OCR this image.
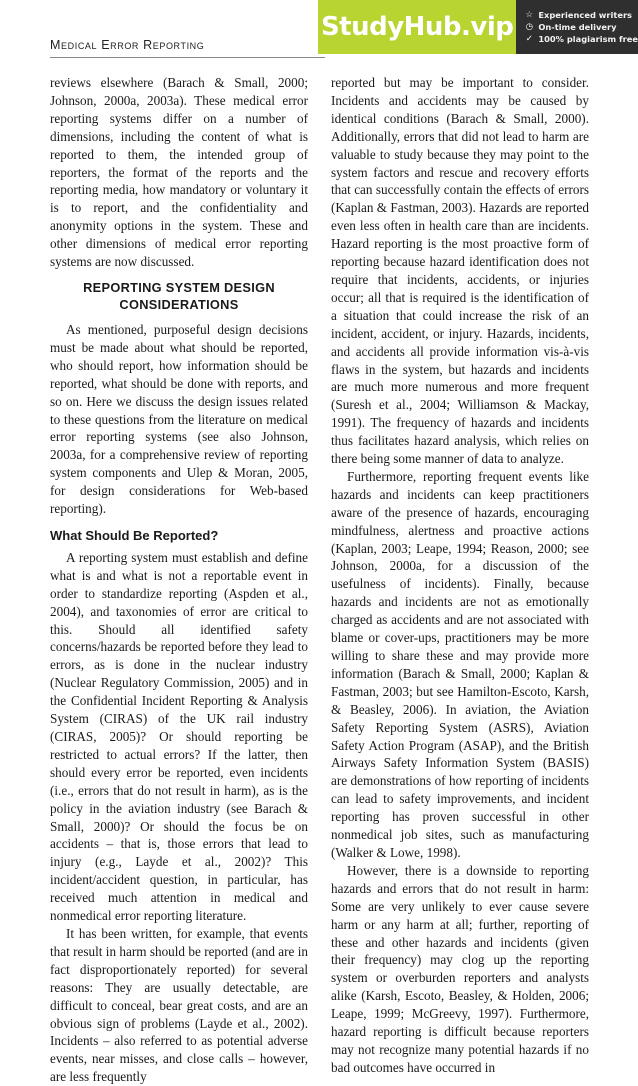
Medical Error Reporting
StudyHub.vip ☆ Experienced writers
◷ On-time delivery
✓ 100% plagiarism free

reviews elsewhere (Barach & Small, 2000; Johnson, 2000a, 2003a). These medical error reporting systems differ on a number of dimensions, including the content of what is reported to them, the intended group of reporters, the format of the reports and the reporting media, how mandatory or voluntary it is to report, and the confidentiality and anonymity options in the system. These and other dimensions of medical error reporting systems are now discussed.

REPORTING SYSTEM DESIGN
CONSIDERATIONS

As mentioned, purposeful design decisions must be made about what should be reported, who should report, how information should be reported, what should be done with reports, and so on. Here we discuss the design issues related to these questions from the literature on medical error reporting systems (see also Johnson, 2003a, for a comprehensive review of reporting system components and Ulep & Moran, 2005, for design considerations for Web-based reporting).

What Should Be Reported?

A reporting system must establish and define what is and what is not a reportable event in order to standardize reporting (Aspden et al., 2004), and taxonomies of error are critical to this. Should all identified safety concerns/hazards be reported before they lead to errors, as is done in the nuclear industry (Nuclear Regulatory Commission, 2005) and in the Confidential Incident Reporting & Analysis System (CIRAS) of the UK rail industry (CIRAS, 2005)? Or should reporting be restricted to actual errors? If the latter, then should every error be reported, even incidents (i.e., errors that do not result in harm), as is the policy in the aviation industry (see Barach & Small, 2000)? Or should the focus be on accidents – that is, those errors that lead to injury (e.g., Layde et al., 2002)? This incident/accident question, in particular, has received much attention in medical and nonmedical error reporting literature.

It has been written, for example, that events that result in harm should be reported (and are in fact disproportionately reported) for several reasons: They are usually detectable, are difficult to conceal, bear great costs, and are an obvious sign of problems (Layde et al., 2002). Incidents – also referred to as potential adverse events, near misses, and close calls – however, are less frequently

reported but may be important to consider. Incidents and accidents may be caused by identical conditions (Barach & Small, 2000). Additionally, errors that did not lead to harm are valuable to study because they may point to the system factors and rescue and recovery efforts that can successfully contain the effects of errors (Kaplan & Fastman, 2003). Hazards are reported even less often in health care than are incidents. Hazard reporting is the most proactive form of reporting because hazard identification does not require that incidents, accidents, or injuries occur; all that is required is the identification of a situation that could increase the risk of an incident, accident, or injury. Hazards, incidents, and accidents all provide information vis-à-vis flaws in the system, but hazards and incidents are much more numerous and more frequent (Suresh et al., 2004; Williamson & Mackay, 1991). The frequency of hazards and incidents thus facilitates hazard analysis, which relies on there being some manner of data to analyze.

Furthermore, reporting frequent events like hazards and incidents can keep practitioners aware of the presence of hazards, encouraging mindfulness, alertness and proactive actions (Kaplan, 2003; Leape, 1994; Reason, 2000; see Johnson, 2000a, for a discussion of the usefulness of incidents). Finally, because hazards and incidents are not as emotionally charged as accidents and are not associated with blame or cover-ups, practitioners may be more willing to share these and may provide more information (Barach & Small, 2000; Kaplan & Fastman, 2003; but see Hamilton-Escoto, Karsh, & Beasley, 2006). In aviation, the Aviation Safety Reporting System (ASRS), Aviation Safety Action Program (ASAP), and the British Airways Safety Information System (BASIS) are demonstrations of how reporting of incidents can lead to safety improvements, and incident reporting has proven successful in other nonmedical job sites, such as manufacturing (Walker & Lowe, 1998).

However, there is a downside to reporting hazards and errors that do not result in harm: Some are very unlikely to ever cause severe harm or any harm at all; further, reporting of these and other hazards and incidents (given their frequency) may clog up the reporting system or overburden reporters and analysts alike (Karsh, Escoto, Beasley, & Holden, 2006; Leape, 1999; McGreevy, 1997). Furthermore, hazard reporting is difficult because reporters may not recognize many potential hazards if no bad outcomes have occurred in
